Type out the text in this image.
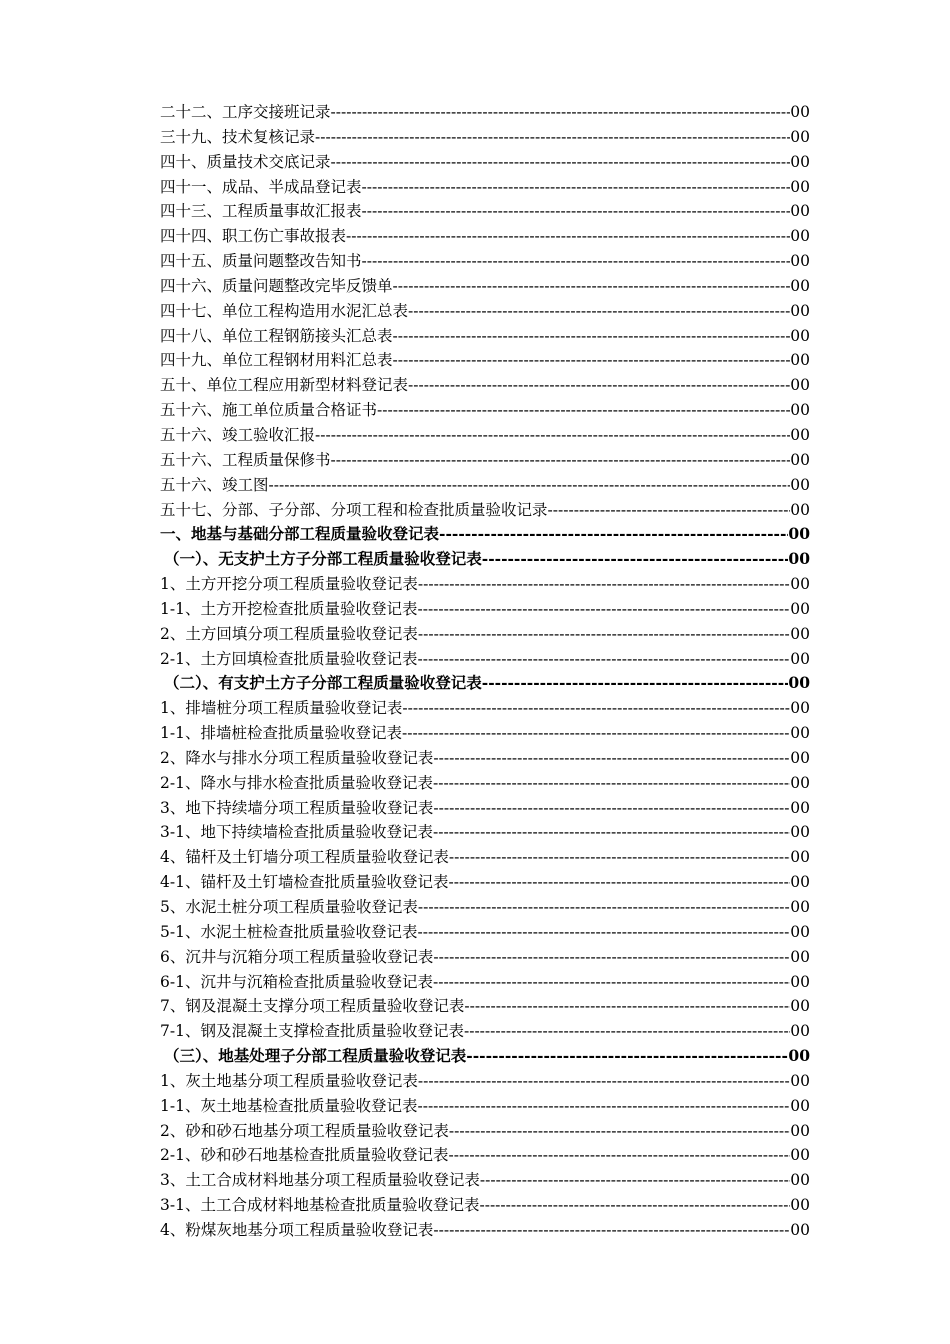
二十二、工序交接班记录 -----	00
三十九、技术复核记录 -----	00
四十、质量技术交底记录 -----	00
四十一、成品、半成品登记表 -----	00
四十三、工程质量事故汇报表 -----	00
四十四、职工伤亡事故报表 -----	00
四十五、质量问题整改告知书 -----	00
四十六、质量问题整改完毕反馈单 -----	00
四十七、单位工程构造用水泥汇总表 -----	00
四十八、单位工程钢筋接头汇总表 -----	00
四十九、单位工程钢材用料汇总表 -----	00
五十、单位工程应用新型材料登记表 -----	00
五十六、施工单位质量合格证书 -----	00
五十六、竣工验收汇报 -----	00
五十六、工程质量保修书 -----	00
五十六、竣工图 -----	00
五十七、分部、子分部、分项工程和检查批质量验收记录 -----	00
一、地基与基础分部工程质量验收登记表 -----	00
（一）、无支护土方子分部工程质量验收登记表 -----	00
1、土方开挖分项工程质量验收登记表 -----	00
1-1、土方开挖检查批质量验收登记表 -----	00
2、土方回填分项工程质量验收登记表 -----	00
2-1、土方回填检查批质量验收登记表 -----	00
（二）、有支护土方子分部工程质量验收登记表 -----	00
1、排墙桩分项工程质量验收登记表 -----	00
1-1、排墙桩检查批质量验收登记表 -----	00
2、降水与排水分项工程质量验收登记表 -----	00
2-1、降水与排水检查批质量验收登记表 -----	00
3、地下持续墙分项工程质量验收登记表 -----	00
3-1、地下持续墙检查批质量验收登记表 -----	00
4、锚杆及土钉墙分项工程质量验收登记表 -----	00
4-1、锚杆及土钉墙检查批质量验收登记表 -----	00
5、水泥土桩分项工程质量验收登记表 -----	00
5-1、水泥土桩检查批质量验收登记表 -----	00
6、沉井与沉箱分项工程质量验收登记表 -----	00
6-1、沉井与沉箱检查批质量验收登记表 -----	00
7、钢及混凝土支撑分项工程质量验收登记表 -----	00
7-1、钢及混凝土支撑检查批质量验收登记表 -----	00
（三）、地基处理子分部工程质量验收登记表 -----	00
1、灰土地基分项工程质量验收登记表 -----	00
1-1、灰土地基检查批质量验收登记表 -----	00
2、砂和砂石地基分项工程质量验收登记表 -----	00
2-1、砂和砂石地基检查批质量验收登记表 -----	00
3、土工合成材料地基分项工程质量验收登记表 -----	00
3-1、土工合成材料地基检查批质量验收登记表 -----	00
4、粉煤灰地基分项工程质量验收登记表 -----	00
